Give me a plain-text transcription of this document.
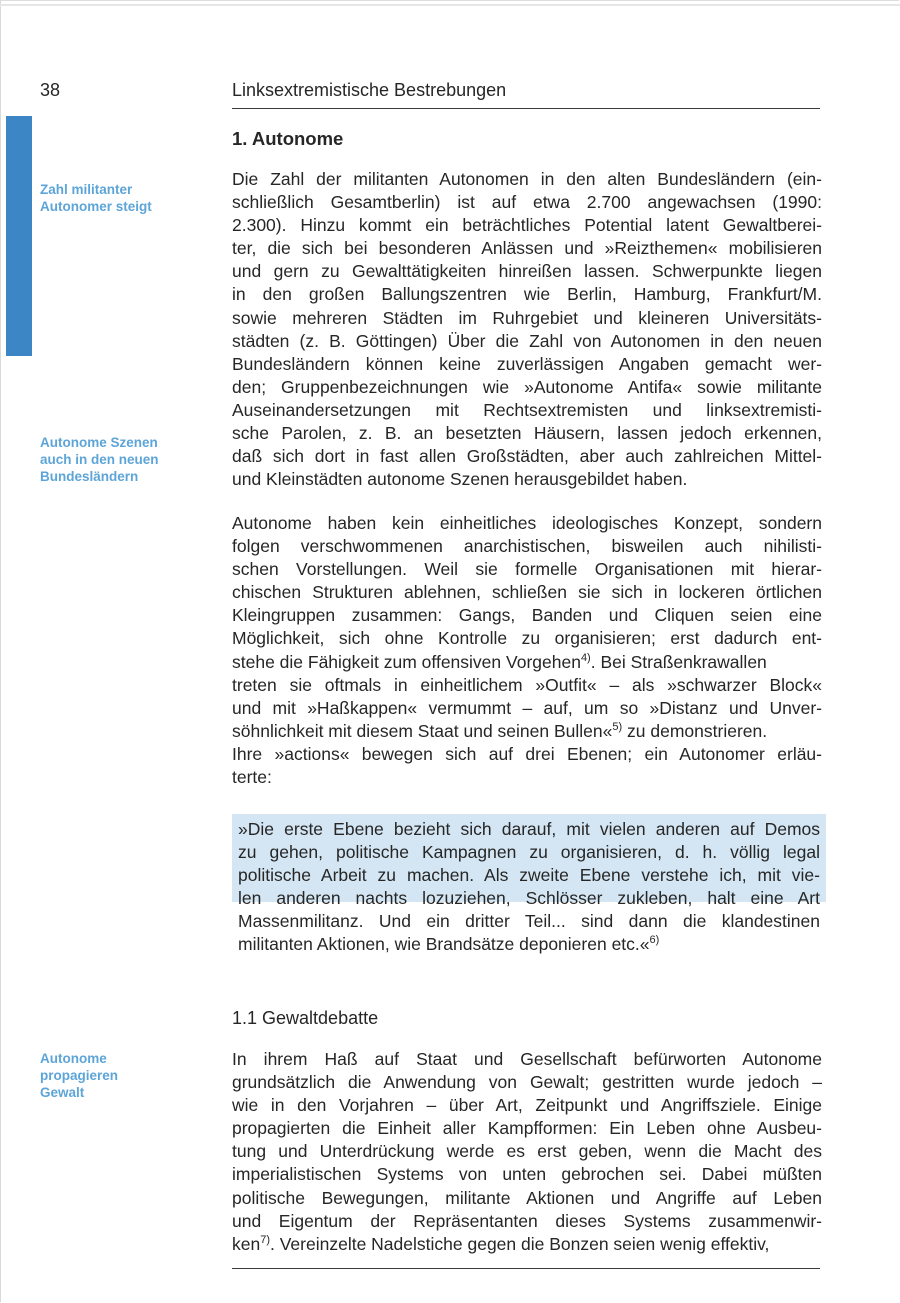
38	Linksextremistische Bestrebungen
Zahl militanter
Autonomer steigt
Autonome Szenen
auch in den neuen
Bundesländern
Autonome
propagieren
Gewalt
1. Autonome
Die Zahl der militanten Autonomen in den alten Bundesländern (ein-
schließlich Gesamtberlin) ist auf etwa 2.700 angewachsen (1990:
2.300). Hinzu kommt ein beträchtliches Potential latent Gewaltberei-
ter, die sich bei besonderen Anlässen und »Reizthemen« mobilisieren
und gern zu Gewalttätigkeiten hinreißen lassen. Schwerpunkte liegen
in den großen Ballungszentren wie Berlin, Hamburg, Frankfurt/M.
sowie mehreren Städten im Ruhrgebiet und kleineren Universitäts-
städten (z. B. Göttingen) Über die Zahl von Autonomen in den neuen
Bundesländern können keine zuverlässigen Angaben gemacht wer-
den; Gruppenbezeichnungen wie »Autonome Antifa« sowie militante
Auseinandersetzungen mit Rechtsextremisten und linksextremisti-
sche Parolen, z. B. an besetzten Häusern, lassen jedoch erkennen,
daß sich dort in fast allen Großstädten, aber auch zahlreichen Mittel-
und Kleinstädten autonome Szenen herausgebildet haben.
Autonome haben kein einheitliches ideologisches Konzept, sondern
folgen verschwommenen anarchistischen, bisweilen auch nihilisti-
schen Vorstellungen. Weil sie formelle Organisationen mit hierar-
chischen Strukturen ablehnen, schließen sie sich in lockeren örtlichen
Kleingruppen zusammen: Gangs, Banden und Cliquen seien eine
Möglichkeit, sich ohne Kontrolle zu organisieren; erst dadurch ent-
stehe die Fähigkeit zum offensiven Vorgehen$^{4)}$. Bei Straßenkrawallen
treten sie oftmals in einheitlichem »Outfit« – als »schwarzer Block«
und mit »Haßkappen« vermummt – auf, um so »Distanz und Unver-
söhnlichkeit mit diesem Staat und seinen Bullen«$^{5)}$ zu demonstrieren.
Ihre »actions« bewegen sich auf drei Ebenen; ein Autonomer erläu-
terte:
»Die erste Ebene bezieht sich darauf, mit vielen anderen auf Demos
zu gehen, politische Kampagnen zu organisieren, d. h. völlig legal
politische Arbeit zu machen. Als zweite Ebene verstehe ich, mit vie-
len anderen nachts lozuziehen, Schlösser zukleben, halt eine Art
Massenmilitanz. Und ein dritter Teil... sind dann die klandestinen
militanten Aktionen, wie Brandsätze deponieren etc.«$^{6)}$
1.1 Gewaltdebatte
In ihrem Haß auf Staat und Gesellschaft befürworten Autonome
grundsätzlich die Anwendung von Gewalt; gestritten wurde jedoch –
wie in den Vorjahren – über Art, Zeitpunkt und Angriffsziele. Einige
propagierten die Einheit aller Kampfformen: Ein Leben ohne Ausbeu-
tung und Unterdrückung werde es erst geben, wenn die Macht des
imperialistischen Systems von unten gebrochen sei. Dabei müßten
politische Bewegungen, militante Aktionen und Angriffe auf Leben
und Eigentum der Repräsentanten dieses Systems zusammenwir-
ken$^{7)}$. Vereinzelte Nadelstiche gegen die Bonzen seien wenig effektiv,
